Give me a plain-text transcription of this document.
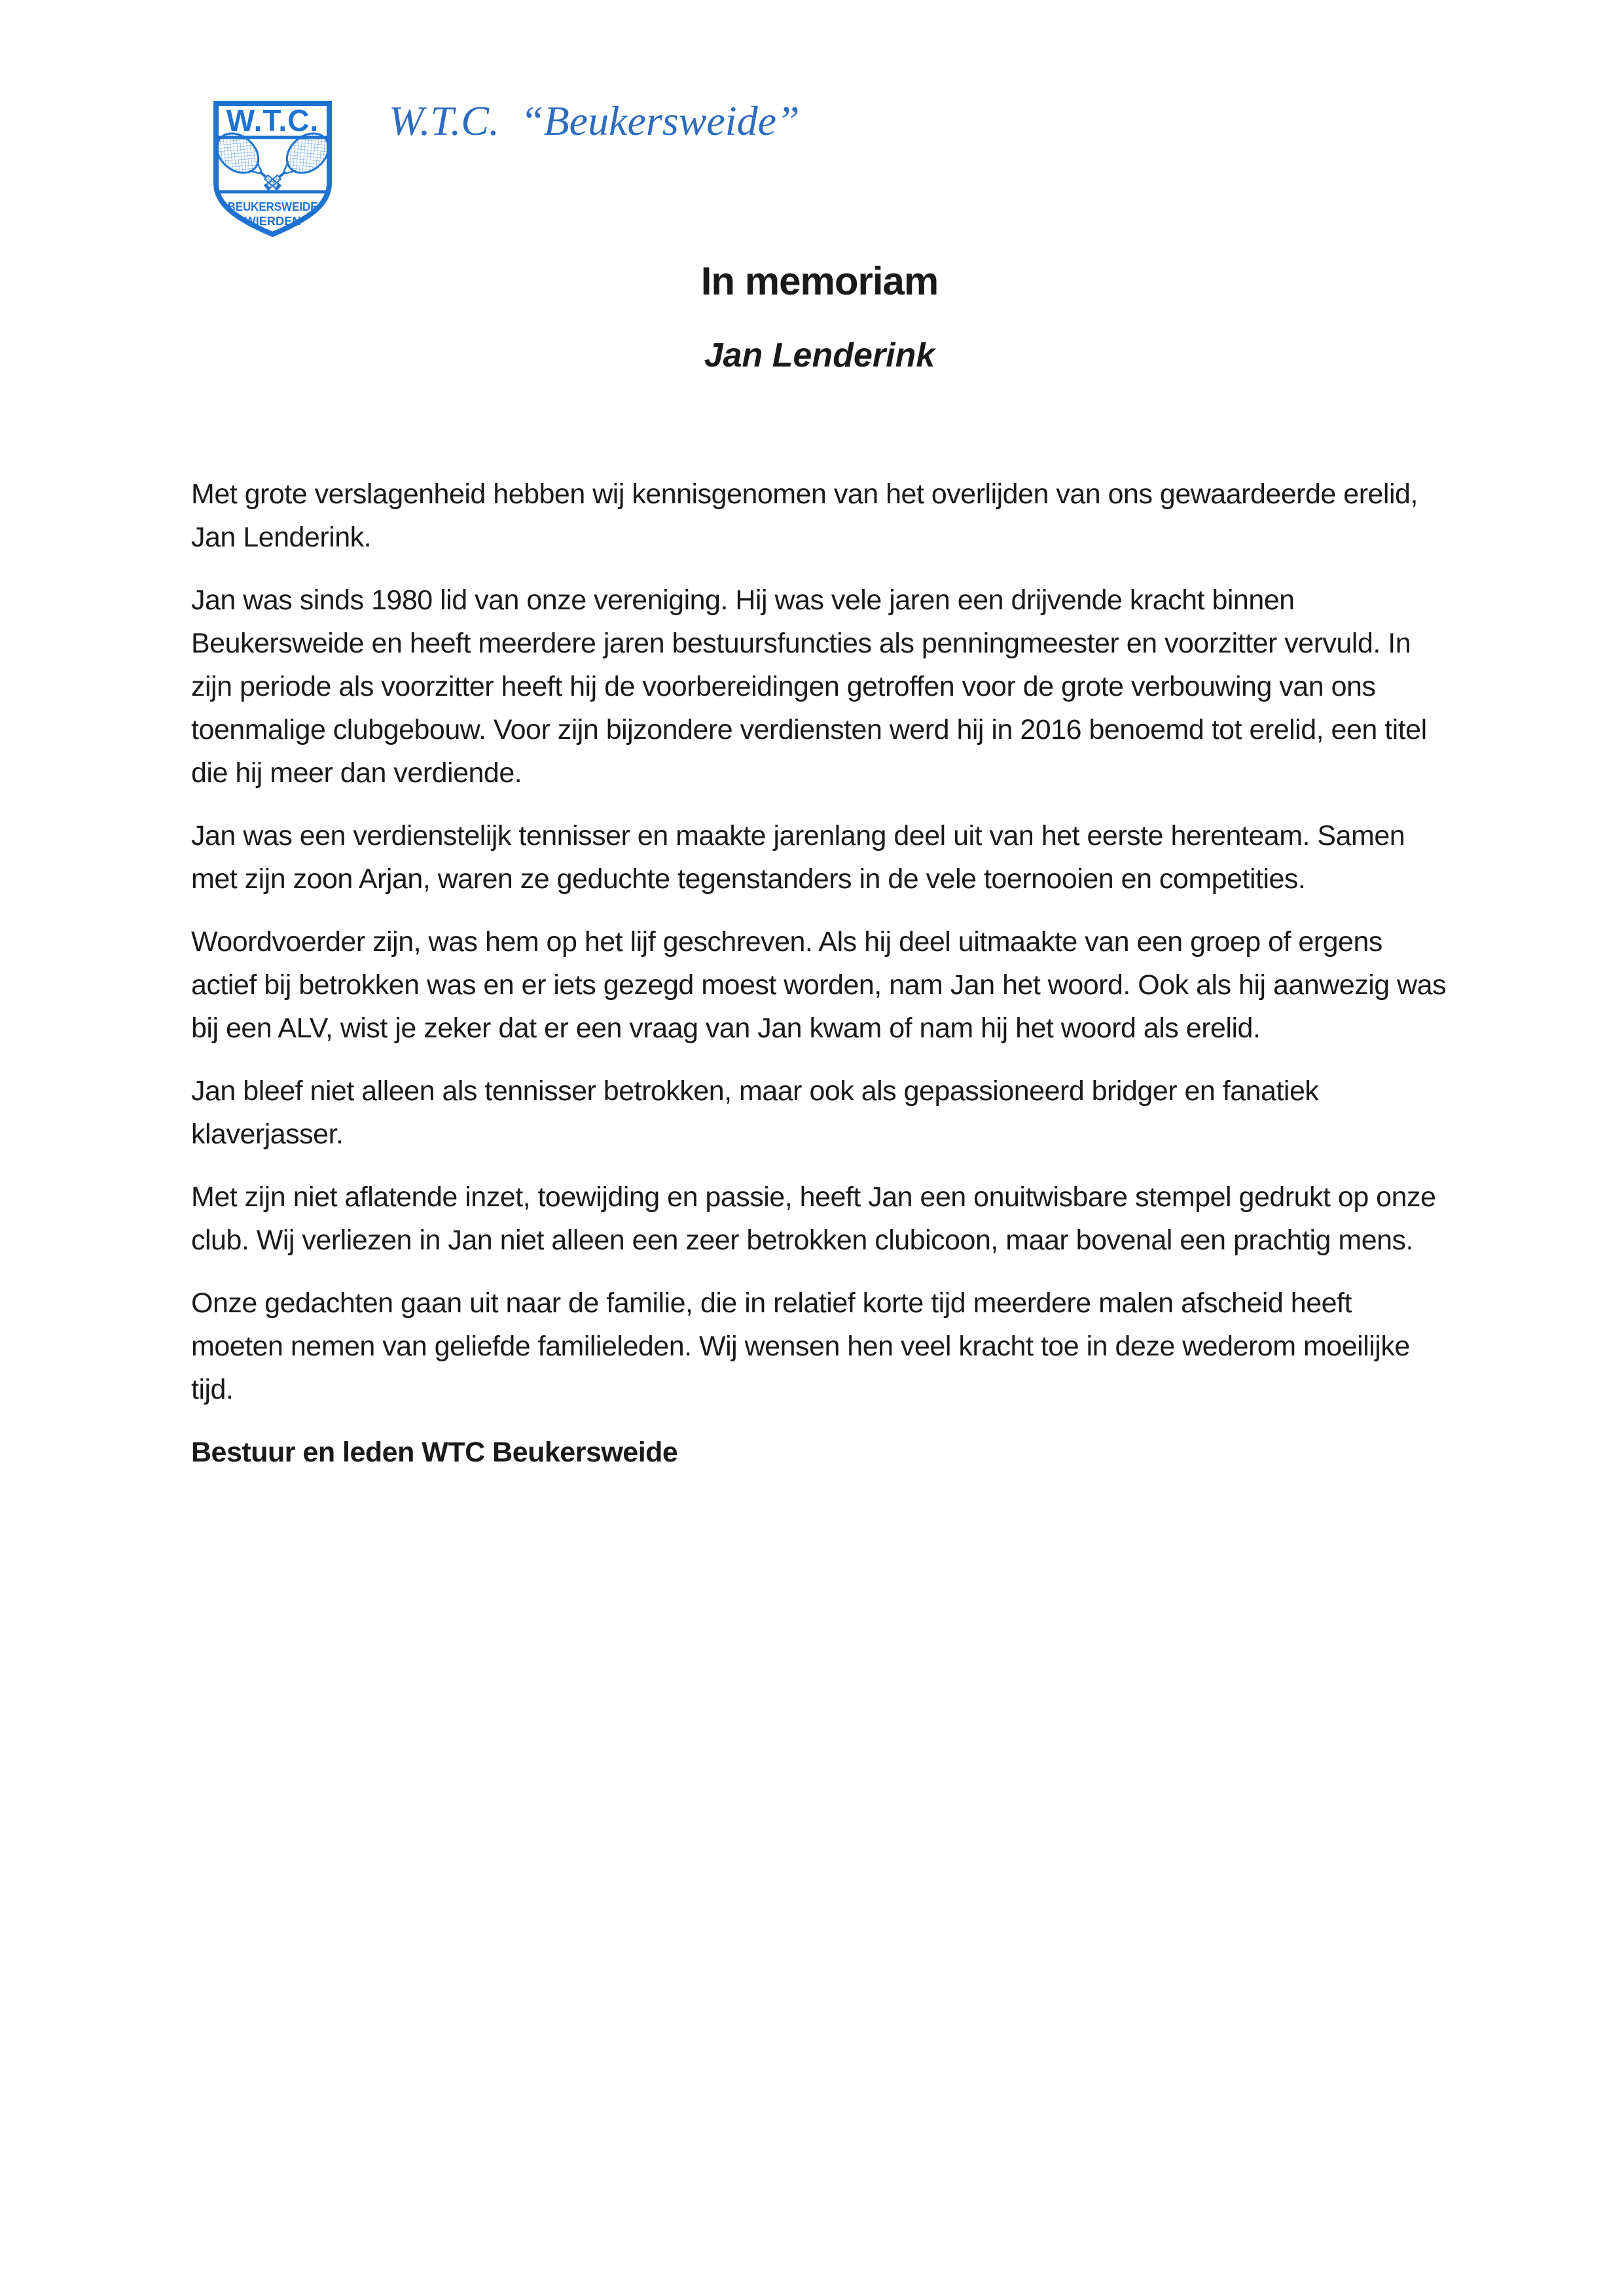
W.T.C.
BEUKERSWEIDE
WIERDEN
W.T.C. “Beukersweide”
In memoriam
Jan Lenderink

Met grote verslagenheid hebben wij kennisgenomen van het overlijden van ons gewaardeerde erelid, Jan Lenderink.

Jan was sinds 1980 lid van onze vereniging. Hij was vele jaren een drijvende kracht binnen Beukersweide en heeft meerdere jaren bestuursfuncties als penningmeester en voorzitter vervuld. In zijn periode als voorzitter heeft hij de voorbereidingen getroffen voor de grote verbouwing van ons toenmalige clubgebouw. Voor zijn bijzondere verdiensten werd hij in 2016 benoemd tot erelid, een titel die hij meer dan verdiende.

Jan was een verdienstelijk tennisser en maakte jarenlang deel uit van het eerste herenteam. Samen met zijn zoon Arjan, waren ze geduchte tegenstanders in de vele toernooien en competities.

Woordvoerder zijn, was hem op het lijf geschreven. Als hij deel uitmaakte van een groep of ergens actief bij betrokken was en er iets gezegd moest worden, nam Jan het woord. Ook als hij aanwezig was bij een ALV, wist je zeker dat er een vraag van Jan kwam of nam hij het woord als erelid.

Jan bleef niet alleen als tennisser betrokken, maar ook als gepassioneerd bridger en fanatiek klaverjasser.

Met zijn niet aflatende inzet, toewijding en passie, heeft Jan een onuitwisbare stempel gedrukt op onze club. Wij verliezen in Jan niet alleen een zeer betrokken clubicoon, maar bovenal een prachtig mens.

Onze gedachten gaan uit naar de familie, die in relatief korte tijd meerdere malen afscheid heeft moeten nemen van geliefde familieleden. Wij wensen hen veel kracht toe in deze wederom moeilijke tijd.

Bestuur en leden WTC Beukersweide
